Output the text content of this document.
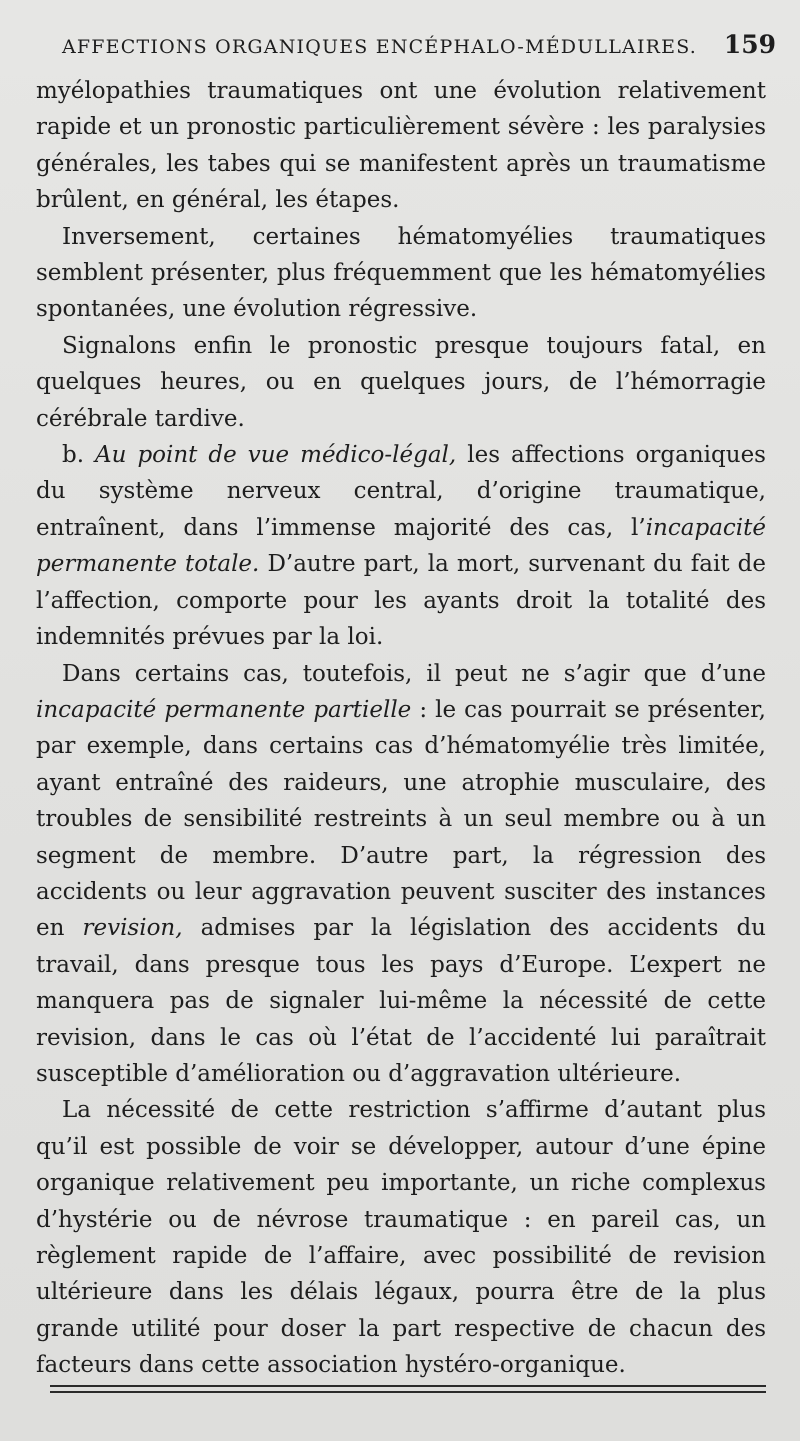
AFFECTIONS ORGANIQUES ENCÉPHALO-MÉDULLAIRES. 159

myélopathies traumatiques ont une évolution relativement rapide et un pronostic particulièrement sévère : les paralysies générales, les tabes qui se manifestent après un traumatisme brûlent, en général, les étapes.

Inversement, certaines hématomyélies traumatiques semblent présenter, plus fréquemment que les hématomyélies spontanées, une évolution régressive.

Signalons enfin le pronostic presque toujours fatal, en quelques heures, ou en quelques jours, de l’hémorragie cérébrale tardive.

b. Au point de vue médico-légal, les affections organiques du système nerveux central, d’origine traumatique, entraînent, dans l’immense majorité des cas, l’incapacité permanente totale. D’autre part, la mort, survenant du fait de l’affection, comporte pour les ayants droit la totalité des indemnités prévues par la loi.

Dans certains cas, toutefois, il peut ne s’agir que d’une incapacité permanente partielle : le cas pourrait se présenter, par exemple, dans certains cas d’hématomyélie très limitée, ayant entraîné des raideurs, une atrophie musculaire, des troubles de sensibilité restreints à un seul membre ou à un segment de membre. D’autre part, la régression des accidents ou leur aggravation peuvent susciter des instances en revision, admises par la législation des accidents du travail, dans presque tous les pays d’Europe. L’expert ne manquera pas de signaler lui-même la nécessité de cette revision, dans le cas où l’état de l’accidenté lui paraîtrait susceptible d’amélioration ou d’aggravation ultérieure.

La nécessité de cette restriction s’affirme d’autant plus qu’il est possible de voir se développer, autour d’une épine organique relativement peu importante, un riche complexus d’hystérie ou de névrose traumatique : en pareil cas, un règlement rapide de l’affaire, avec possibilité de revision ultérieure dans les délais légaux, pourra être de la plus grande utilité pour doser la part respective de chacun des facteurs dans cette association hystéro-organique.
